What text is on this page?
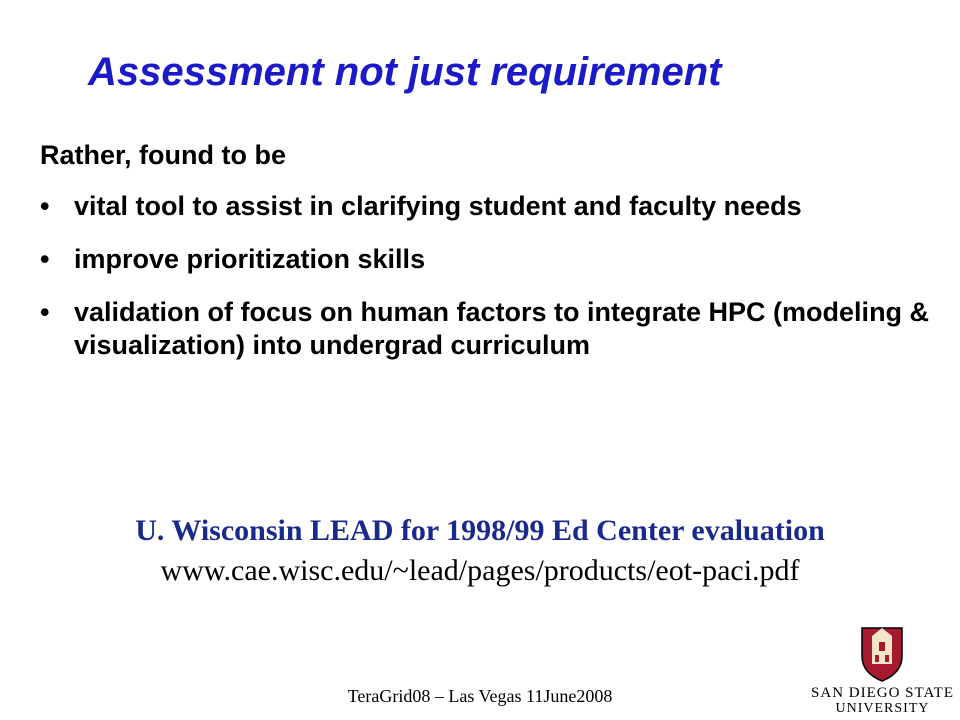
Assessment not just requirement
Rather, found to be
• vital tool to assist in clarifying student and faculty needs
• improve prioritization skills
• validation of focus on human factors to integrate HPC (modeling & visualization) into undergrad curriculum
U. Wisconsin LEAD for 1998/99 Ed Center evaluation
www.cae.wisc.edu/~lead/pages/products/eot-paci.pdf
TeraGrid08 – Las Vegas 11June2008	SAN DIEGO STATE
UNIVERSITY
